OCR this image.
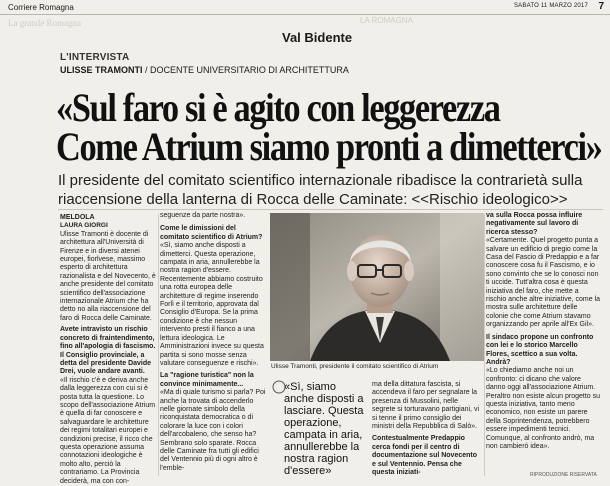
Corriere Romagna	SABATO 11 MARZO 2017 7
La grande Romagna	LA ROMAGNA
Val Bidente
L'INTERVISTA
ULISSE TRAMONTI / DOCENTE UNIVERSITARIO DI ARCHITETTURA
«Sul faro si è agito con leggerezza
Come Atrium siamo pronti a dimetterci»
Il presidente del comitato scientifico internazionale ribadisce la contrarietà sulla
riaccensione della lanterna di Rocca delle Caminate: <<Rischio ideologico>>

MELDOLA

LAURA GIORGI

Ulisse Tramonti è docente di architettura all'Università di Firenze e in diversi atenei europei, fiorlvese, massimo esperto di architettura razionalista e del Novecento, è anche presidente del comitato scientifico dell'associazione internazionale Atrium che ha detto no alla riaccensione del faro di Rocca delle Caminate.

Avete intravisto un rischio concreto di fraintendimento, fino all'apologia di fascismo. Il Consiglio provinciale, a detta del presidente Davide Drei, vuole andare avanti.

«Il rischio c'è e deriva anche dalla leggerezza con cui si è posta tutta la questione. Lo scopo dell'associazione Atrium è quella di far conoscere e salvaguardare le architetture dei regimi totalitari europei e condizioni precise, il ricco che questa operazione assuma connotazioni ideologiche è molto alto, perciò la contrariamo. La Provincia deciderà, ma con con-

seguenze da parte nostra».

Come le dimissioni del comitato scientifico di Atrium?

«Sì, siamo anche disposti a dimetterci. Questa operazione, campata in aria, annullerebbe la nostra ragion d'essere. Recentemente abbiamo costruito una rotta europea delle architetture di regime inserendo Forlì e il territorio, approvata dal Consiglio d'Europa. Se la prima condizione è che nessun intervento presti il fianco a una lettura ideologica. Le Amministrazioni invece su questa partita si sono mosse senza valutare conseguenze e rischi».

La "ragione turistica" non la convince minimamente...

«Ma di quale turismo si parla? Poi anche la trovata di accenderlo nelle giornate simbolo della riconquistata democratica o di colorare la luce con i colori dell'arcobaleno, che senso ha? Sembrano solo sparate. Rocca delle Caminate fra tutti gli edifici del Ventennio più di ogni altro è l'emble-

Ulisse Tramonti, presidente il comitato scientifico di Atrium
«Sì, siamo anche disposti a lasciare. Questa operazione, campata in aria, annullerebbe la nostra ragion d'essere»

ma della dittatura fascista, si accendeva il faro per segnalare la presenza di Mussolini, nelle segrete si torturavano partigiani, vi si tenne il primo consiglio dei ministri della Repubblica di Salò».

Contestualmente Predappio cerca fondi per il centro di documentazione sul Novecento e sul Ventennio. Pensa che questa iniziati-

va sulla Rocca possa influire negativamente sul lavoro di ricerca stesso?

«Certamente. Quel progetto punta a salvare un edificio di pregio come la Casa del Fascio di Predappio e a far conoscere cosa fu il Fascismo, e io sono convinto che se lo conosci non ti uccide. Tutt'altra cosa è questa iniziativa del faro, che mette a rischio anche altre iniziative, come la mostra sulle architetture delle colonie che come Atrium stavamo organizzando per aprile all'Ex Gil».

Il sindaco propone un confronto con lei e lo storico Marcello Flores, scettico a sua volta. Andrà?

«Lo chiediamo anche noi un confronto: ci dicano che valore danno oggi all'associazione Atrium. Peraltro non esiste alcun progetto su questa iniziativa, tanto meno economico, non esiste un parere della Soprintendenza, potrebbero essere impedimenti tecnici. Comunque, al confronto andrò, ma non cambierò idea».

RIPRODUZIONE RISERVATA
